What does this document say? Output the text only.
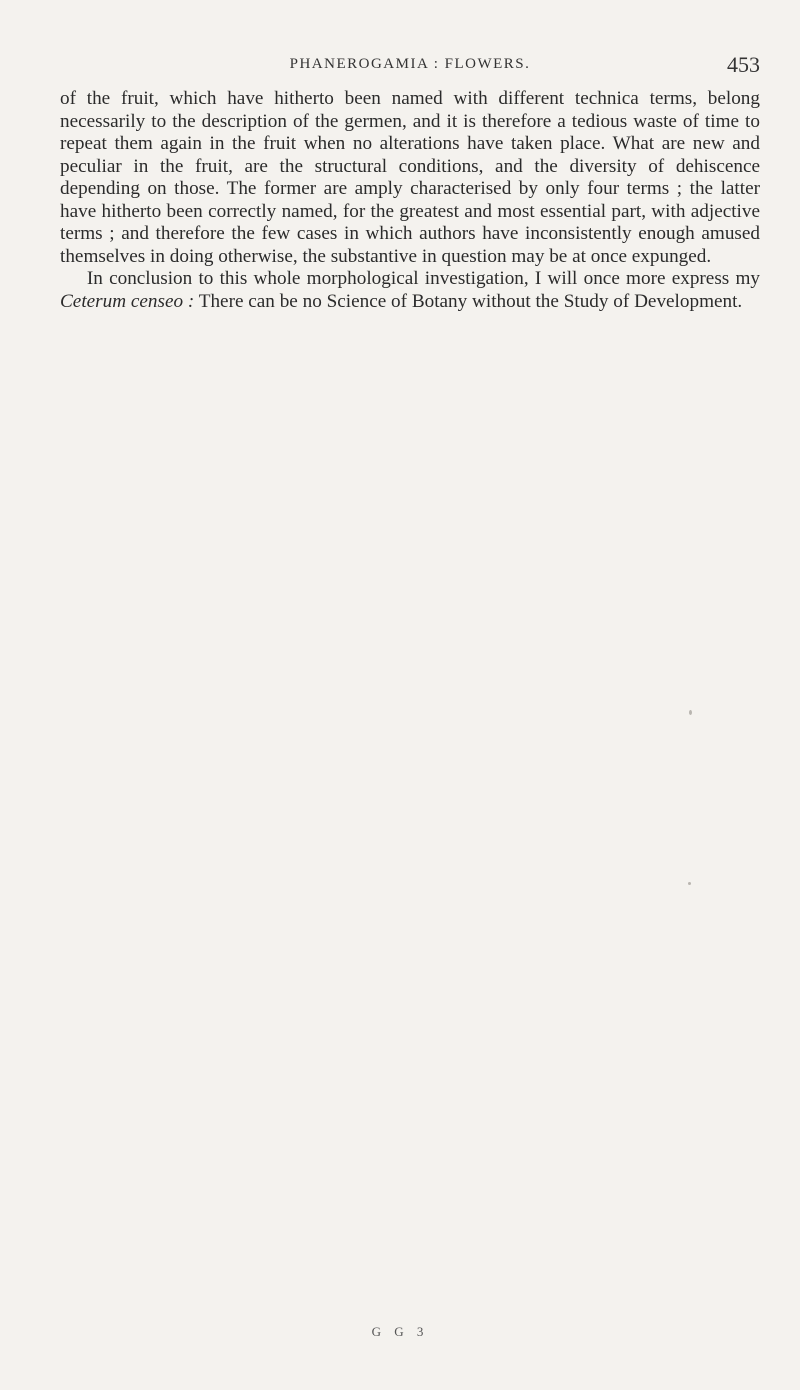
PHANEROGAMIA : FLOWERS.	453

of the fruit, which have hitherto been named with different technica terms, belong necessarily to the description of the germen, and it is therefore a tedious waste of time to repeat them again in the fruit when no alterations have taken place. What are new and peculiar in the fruit, are the structural conditions, and the diversity of dehiscence depending on those. The former are amply characterised by only four terms ; the latter have hitherto been correctly named, for the greatest and most essential part, with adjective terms ; and therefore the few cases in which authors have inconsistently enough amused themselves in doing otherwise, the substantive in question may be at once expunged.

In conclusion to this whole morphological investigation, I will once more express my Ceterum censeo : There can be no Science of Botany without the Study of Development.

G G 3
